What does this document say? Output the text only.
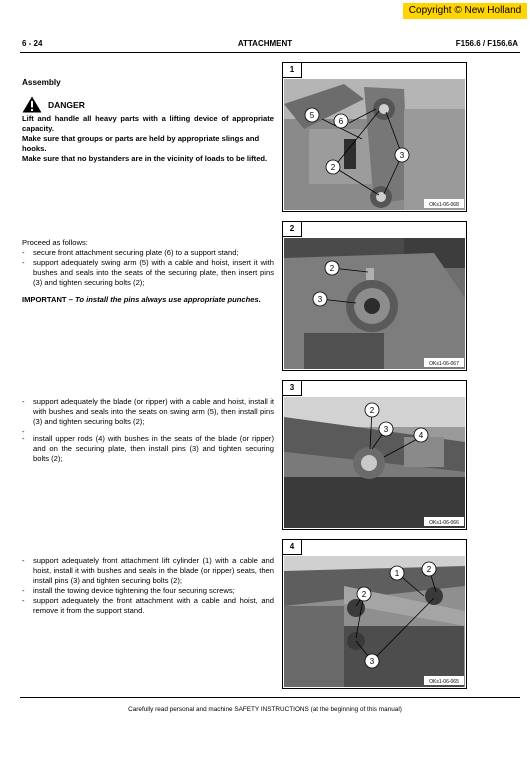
Copyright © New Holland
6 - 24	ATTACHMENT	F156.6 / F156.6A

Assembly

DANGER

Lift and handle all heavy parts with a lifting device of appropriate capacity.

Make sure that groups or parts are held by appropriate slings and hooks.

Make sure that no bystanders are in the vicinity of loads to be lifted.

Proceed as follows:

- secure front attachment securing plate (6) to a support stand;
- support adequately swing arm (5) with a cable and hoist, insert it with bushes and seals into the seats of the securing plate, then insert pins (3) and tighten securing bolts (2);

IMPORTANT – To install the pins always use appropriate punches.

- support adequately the blade (or ripper) with a cable and hoist, install it with bushes and seals into the seats on swing arm (5), then install pins (3) and tighten securing bolts (2);
-
- install upper rods (4) with bushes in the seats of the blade (or ripper) and on the securing plate, then install pins (3) and tighten securing bolts (2);
- support adequately front attachment lift cylinder (1) with a cable and hoist, install it with bushes and seals in the blade (or ripper) seats, then install pins (3) and tighten securing bolts (2);
- install the towing device tightening the four securing screws;
- support adequately the front attachment with a cable and hoist, and remove it from the support stand.
1
5
6
2
3
OKs1-06-068
2
2
3
OKs1-06-067
3
2
3
4
OKs1-06-066
4
1	2
2
3
OKs1-06-065
Carefully read personal and machine SAFETY INSTRUCTIONS (at the beginning of this manual)
